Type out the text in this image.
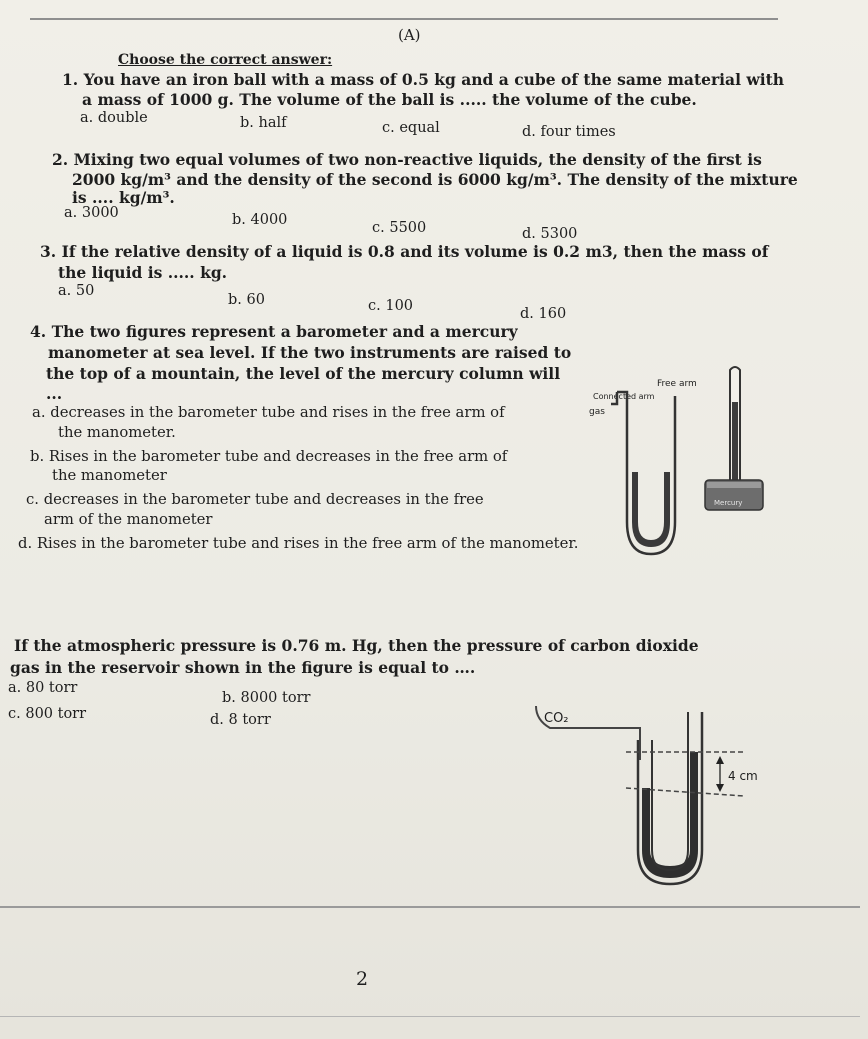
(A)
Choose the correct answer:
1. You have an iron ball with a mass of 0.5 kg and a cube of the same material with
a mass of 1000 g. The volume of the ball is ..... the volume of the cube.
a. double	b. half	c. equal	d. four times
2. Mixing two equal volumes of two non-reactive liquids, the density of the first is
2000 kg/m³ and the density of the second is 6000 kg/m³. The density of the mixture
is .... kg/m³.
a. 3000	b. 4000	c. 5500	d. 5300
3. If the relative density of a liquid is 0.8 and its volume is 0.2 m3, then the mass of
the liquid is ..... kg.
a. 50
b. 60	c. 100	d. 160
4. The two figures represent a barometer and a mercury
manometer at sea level. If the two instruments are raised to
the top of a mountain, the level of the mercury column will
...
a. decreases in the barometer tube and rises in the free arm of
the manometer.
b. Rises in the barometer tube and decreases in the free arm of
the manometer
c. decreases in the barometer tube and decreases in the free
arm of the manometer
d. Rises in the barometer tube and rises in the free arm of the manometer.
Free arm
Connected arm
gas
Mercury
If the atmospheric pressure is 0.76 m. Hg, then the pressure of carbon dioxide
gas in the reservoir shown in the figure is equal to ….
a. 80 torr
b. 8000 torr
c. 800 torr	d. 8 torr	CO₂
4 cm
2
